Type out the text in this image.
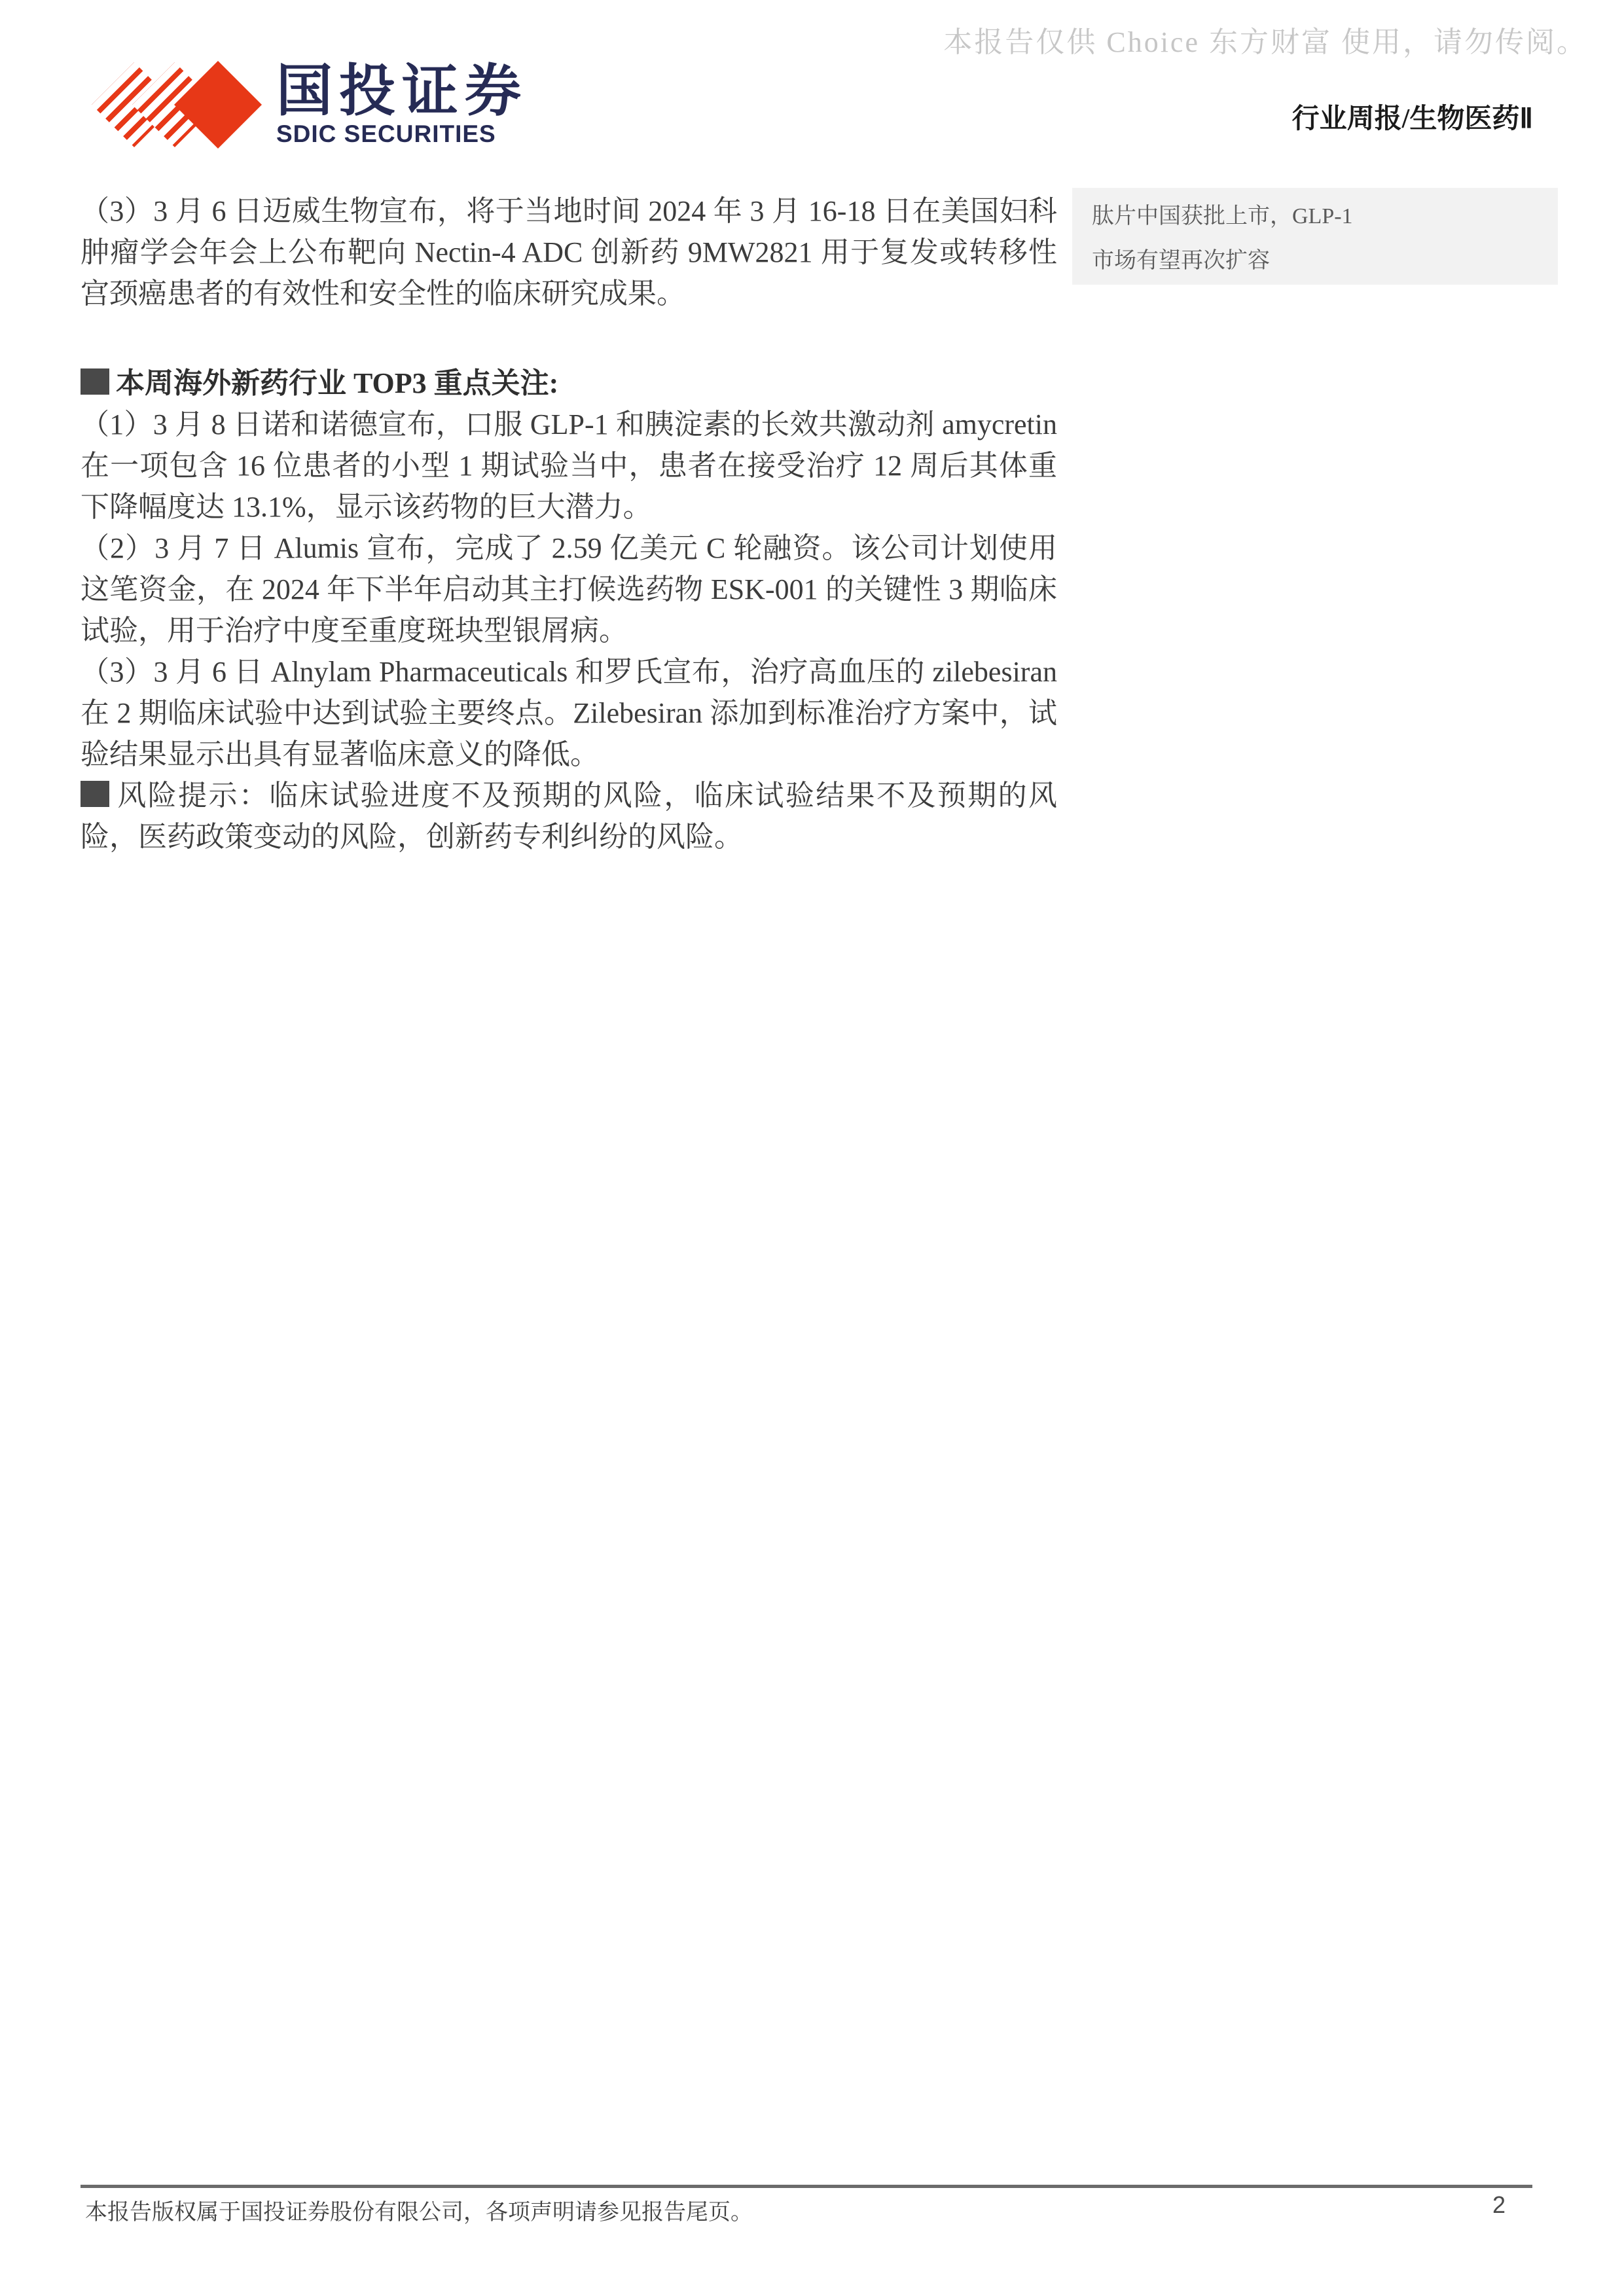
本报告仅供 Choice 东方财富 使用，请勿传阅。
国投证券
SDIC SECURITIES	行业周报/生物医药Ⅱ
肽片中国获批上市，GLP-1
市场有望再次扩容

（3）3 月 6 日迈威生物宣布，将于当地时间 2024 年 3 月 16-18 日在美国妇科肿瘤学会年会上公布靶向 Nectin-4 ADC 创新药 9MW2821 用于复发或转移性宫颈癌患者的有效性和安全性的临床研究成果。

本周海外新药行业 TOP3 重点关注:

（1）3 月 8 日诺和诺德宣布，口服 GLP-1 和胰淀素的长效共激动剂 amycretin 在一项包含 16 位患者的小型 1 期试验当中，患者在接受治疗 12 周后其体重下降幅度达 13.1%，显示该药物的巨大潜力。

（2）3 月 7 日 Alumis 宣布，完成了 2.59 亿美元 C 轮融资。该公司计划使用这笔资金，在 2024 年下半年启动其主打候选药物 ESK-001 的关键性 3 期临床试验，用于治疗中度至重度斑块型银屑病。

（3）3 月 6 日 Alnylam Pharmaceuticals 和罗氏宣布，治疗高血压的 zilebesiran 在 2 期临床试验中达到试验主要终点。Zilebesiran 添加到标准治疗方案中，试验结果显示出具有显著临床意义的降低。

风险提示：临床试验进度不及预期的风险，临床试验结果不及预期的风险，医药政策变动的风险，创新药专利纠纷的风险。

本报告版权属于国投证券股份有限公司，各项声明请参见报告尾页。	2
